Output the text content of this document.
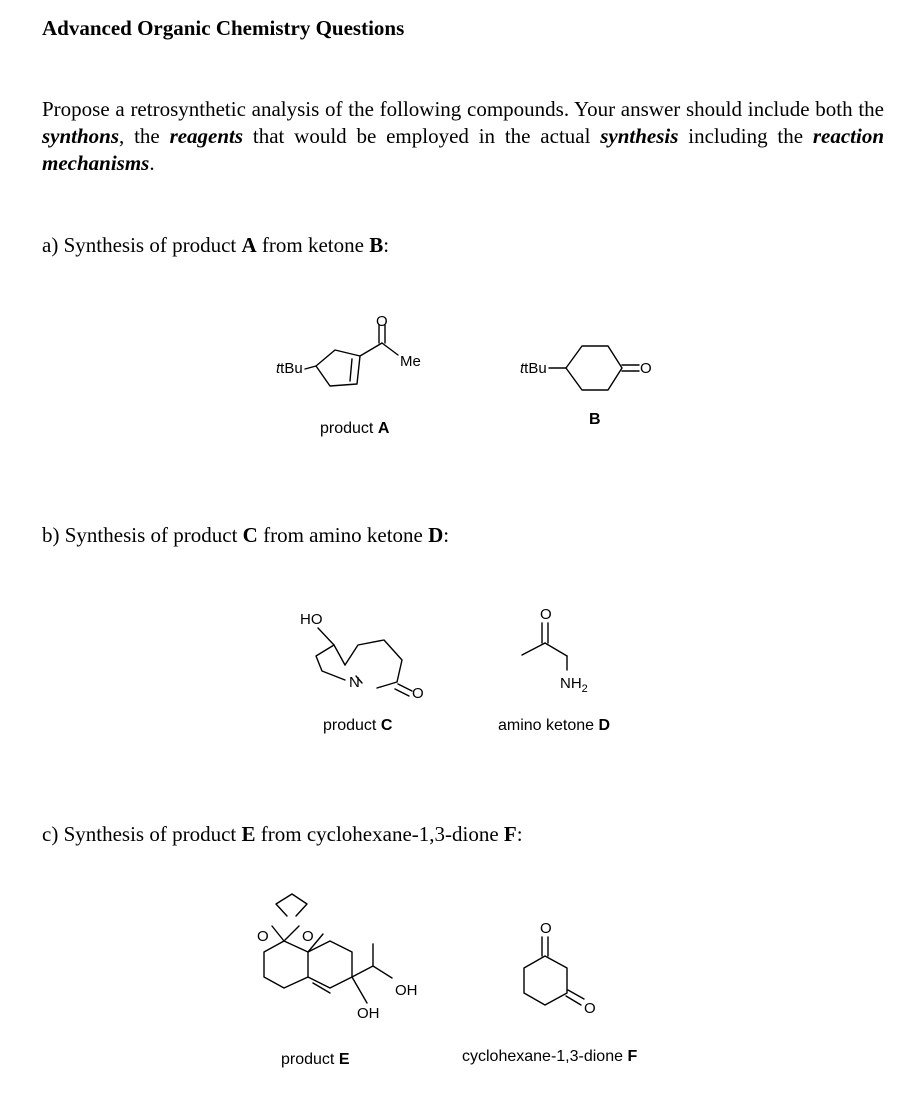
Advanced Organic Chemistry Questions
Propose a retrosynthetic analysis of the following compounds. Your answer should include both the synthons, the reagents that would be employed in the actual synthesis including the reaction mechanisms.
a) Synthesis of product A from ketone B:
b) Synthesis of product C from amino ketone D:
c) Synthesis of product E from cyclohexane-1,3-dione F:
product A
B
product C	amino ketone D
product E	cyclohexane-1,3-dione F
ttBu
O
Me	ttBu	O
HO
O
N
O
$NH_2$
O O
OH
OH
O
O
